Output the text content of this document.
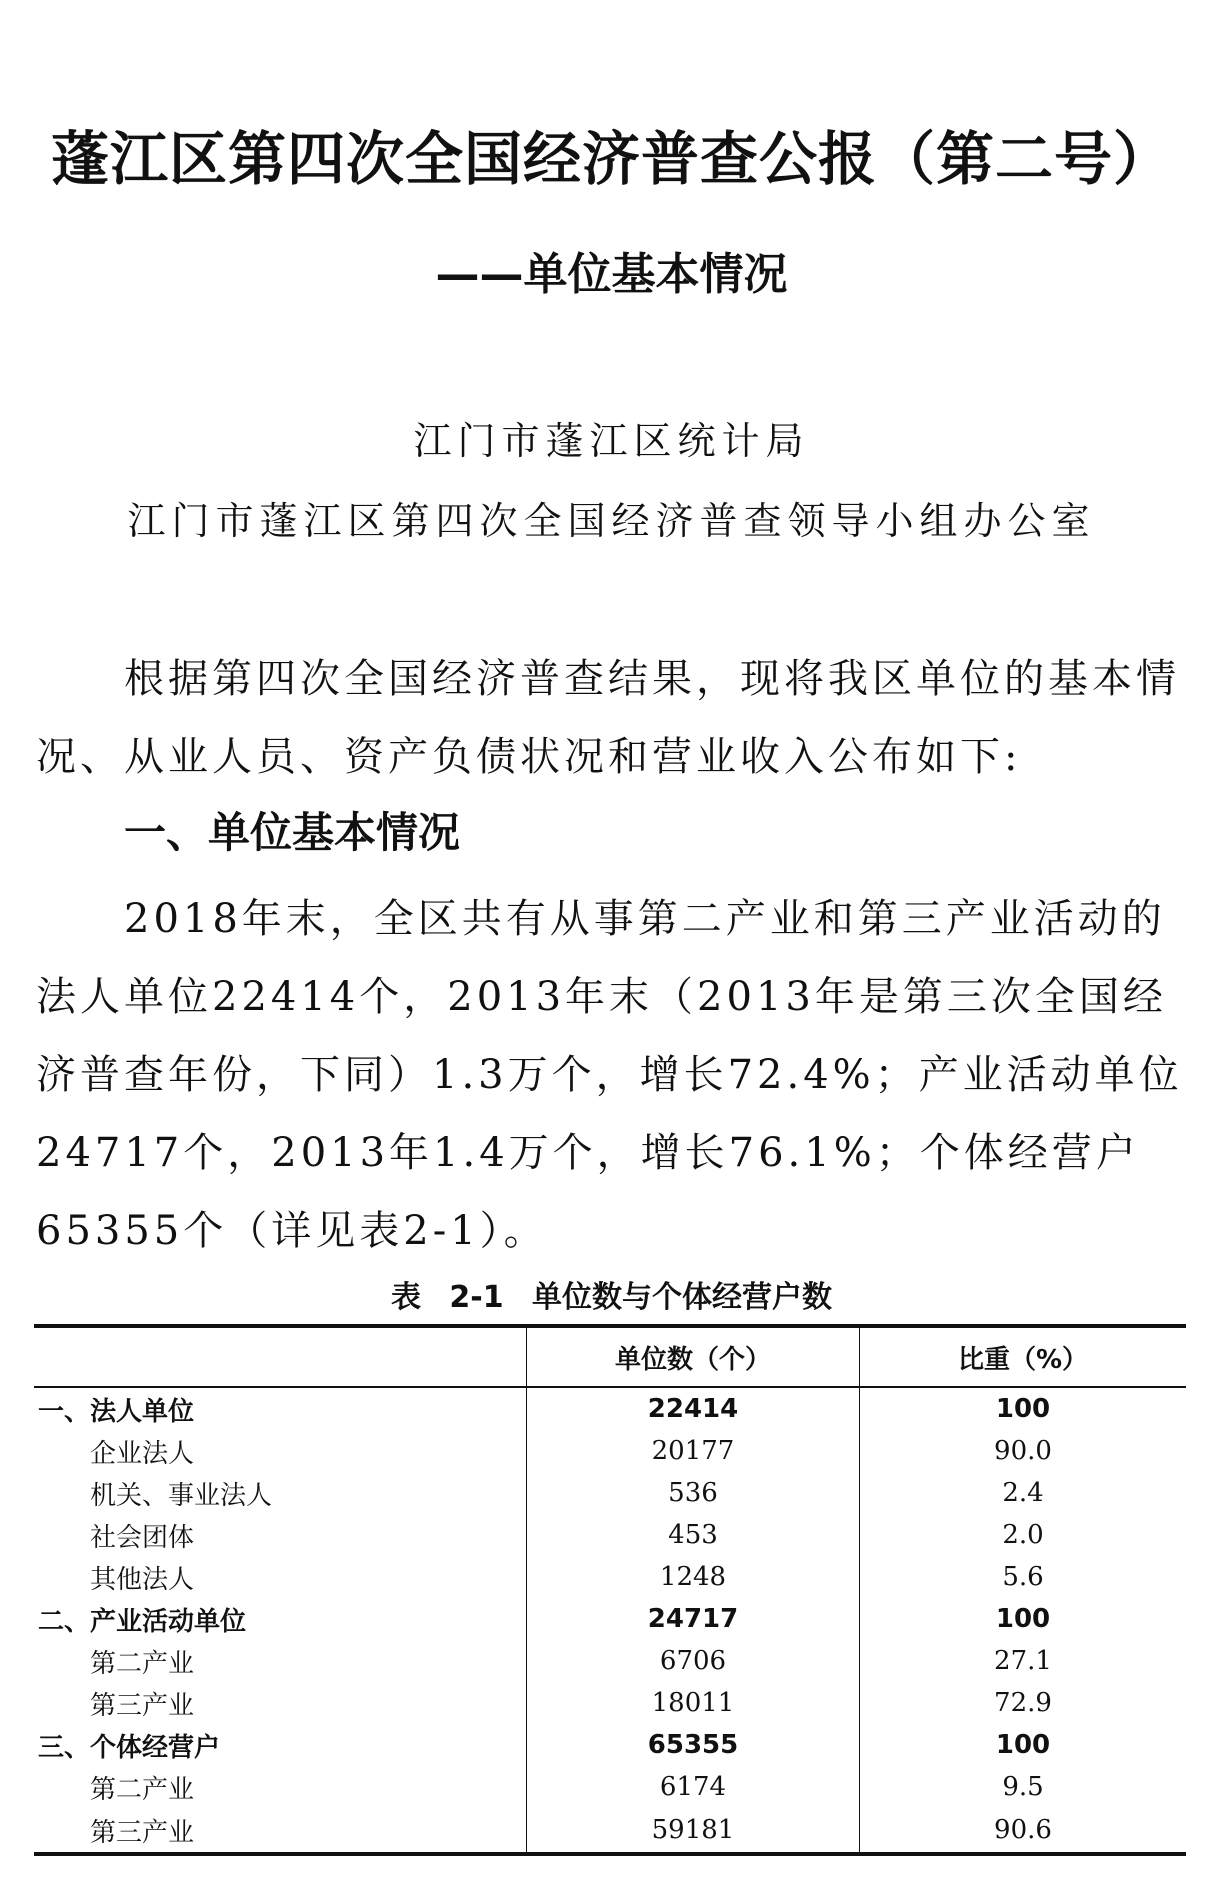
蓬江区第四次全国经济普查公报（第二号）
——单位基本情况
江门市蓬江区统计局
江门市蓬江区第四次全国经济普查领导小组办公室

根据第四次全国经济普查结果，现将我区单位的基本情况、从业人员、资产负债状况和营业收入公布如下:

一、单位基本情况

2018年末，全区共有从事第二产业和第三产业活动的法人单位22414个，2013年末（2013年是第三次全国经济普查年份，下同）1.3万个，增长72.4%；产业活动单位24717个，2013年1.4万个，增长76.1%；个体经营户65355个（详见表2-1）。

表 2-1 单位数与个体经营户数
	单位数（个）	比重（%）
一、法人单位	22414	100
企业法人	20177	90.0
机关、事业法人	536	2.4
社会团体	453	2.0
其他法人	1248	5.6
二、产业活动单位	24717	100
第二产业	6706	27.1
第三产业	18011	72.9
三、个体经营户	65355	100
第二产业	6174	9.5
第三产业	59181	90.6
